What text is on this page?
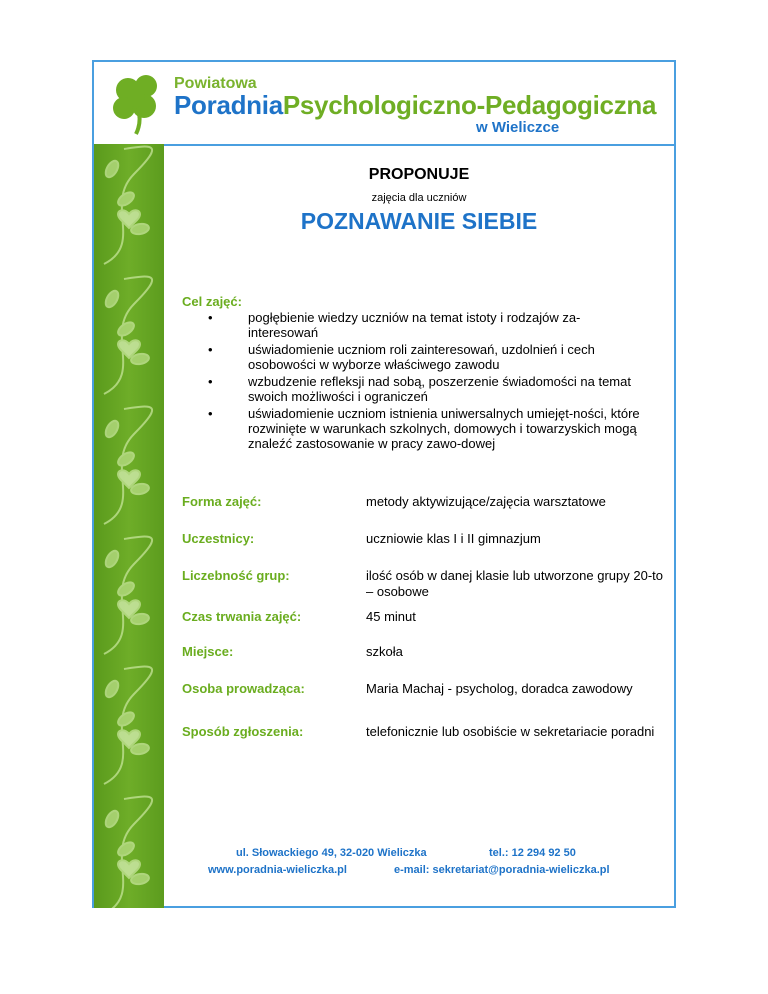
Powiatowa
PoradniaPsychologiczno-Pedagogiczna
w Wieliczce
PROPONUJE
zajęcia dla uczniów
POZNAWANIE SIEBIE
Cel zajęć:
•	pogłębienie wiedzy uczniów na temat istoty i rodzajów za-interesowań
•	uświadomienie uczniom roli zainteresowań, uzdolnień i cech osobowości w wyborze właściwego zawodu
•	wzbudzenie refleksji nad sobą, poszerzenie świadomości na temat swoich możliwości i ograniczeń
•	uświadomienie uczniom istnienia uniwersalnych umiejęt-ności, które rozwinięte w warunkach szkolnych, domowych i towarzyskich mogą znaleźć zastosowanie w pracy zawo-dowej
Forma zajęć:	metody aktywizujące/zajęcia warsztatowe
Uczestnicy:	uczniowie klas I i II gimnazjum
Liczebność grup:	ilość osób w danej klasie lub utworzone grupy 20-to – osobowe
Czas trwania zajęć:	45 minut
Miejsce:	szkoła
Osoba prowadząca:	Maria Machaj - psycholog, doradca zawodowy
Sposób zgłoszenia:	telefonicznie lub osobiście w sekretariacie poradni
ul. Słowackiego 49, 32-020 Wieliczka	tel.: 12 294 92 50
www.poradnia-wieliczka.pl	e-mail: sekretariat@poradnia-wieliczka.pl
